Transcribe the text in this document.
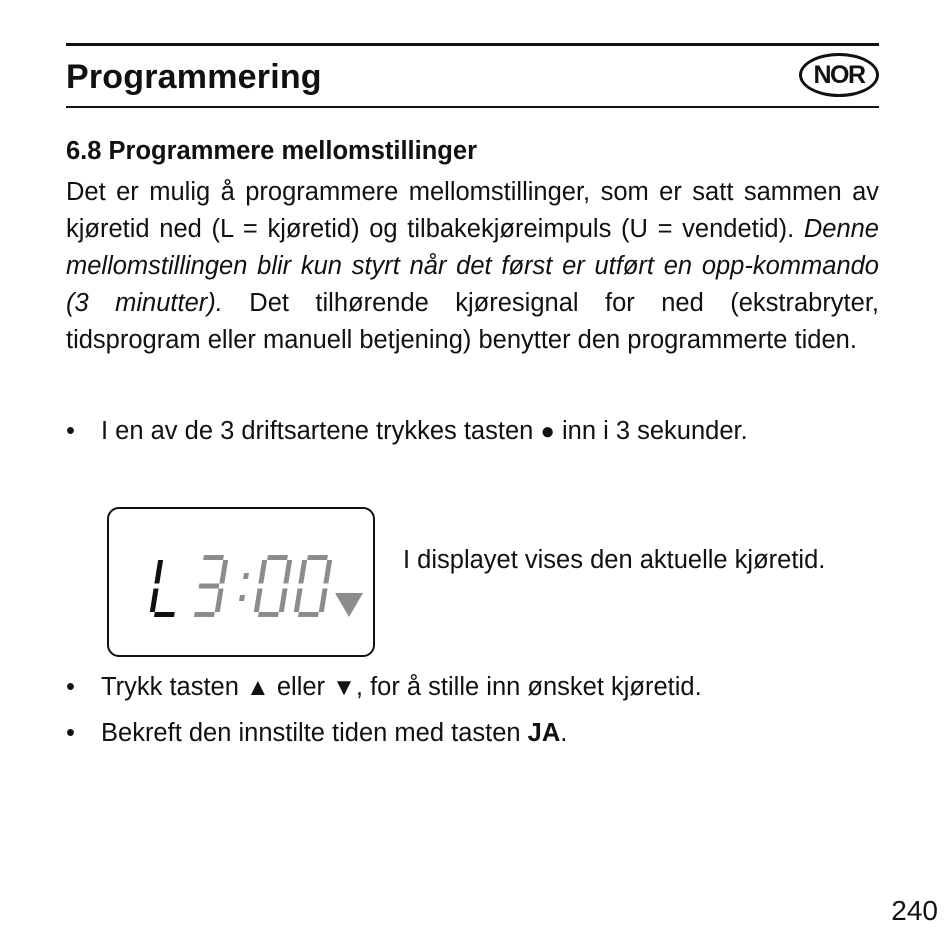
Programmering	NOR
6.8 Programmere mellomstillinger

Det er mulig å programmere mellomstillinger, som er satt sammen av kjøretid ned (L = kjøretid) og tilbakekjøreimpuls (U = vendetid). Denne mellomstillingen blir kun styrt når det først er utført en opp-kommando (3 minutter). Det tilhørende kjøresignal for ned (ekstrabryter, tidsprogram eller manuell betjening) benytter den programmerte tiden.

• I en av de 3 driftsartene trykkes tasten ● inn i 3 sekunder.
I displayet vises den aktuelle kjøretid.
• Trykk tasten ▲ eller ▼, for å stille inn ønsket kjøretid.
• Bekreft den innstilte tiden med tasten JA.
240
